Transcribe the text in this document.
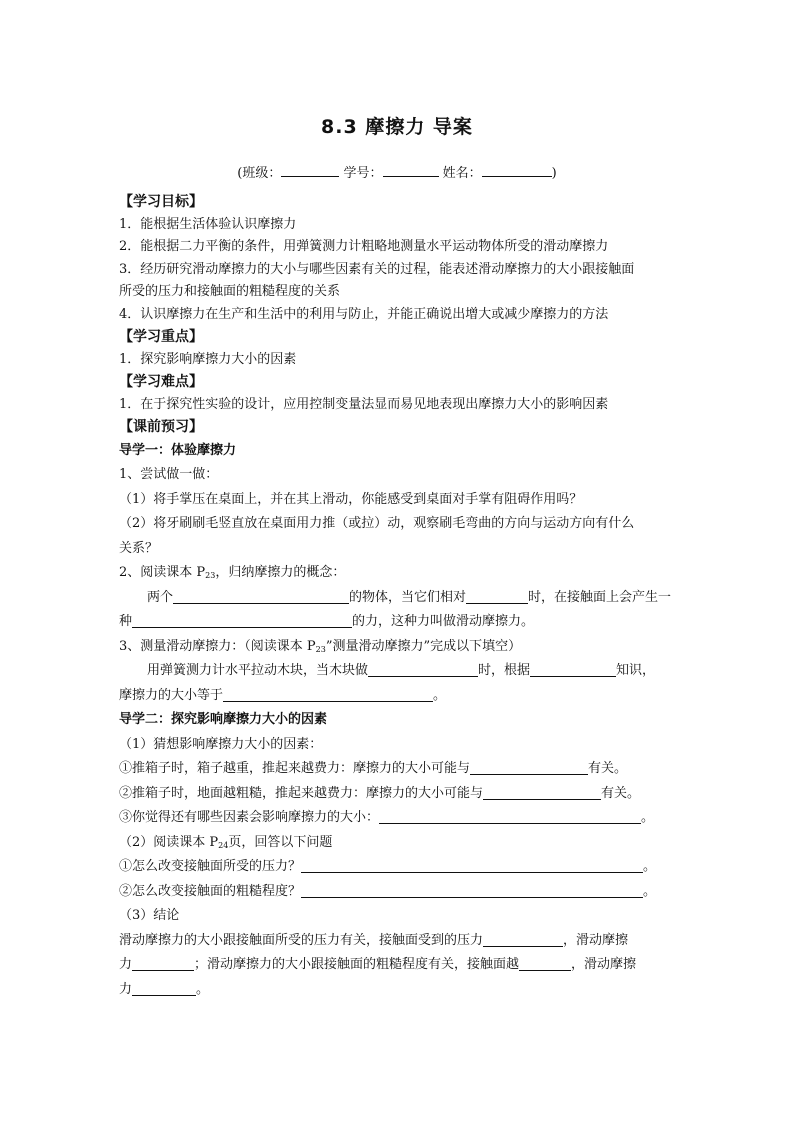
8.3 摩擦力 导案
(班级：	学号：	姓名：	)
【学习目标】
1．能根据生活体验认识摩擦力
2．能根据二力平衡的条件，用弹簧测力计粗略地测量水平运动物体所受的滑动摩擦力
3．经历研究滑动摩擦力的大小与哪些因素有关的过程，能表述滑动摩擦力的大小跟接触面
所受的压力和接触面的粗糙程度的关系
4．认识摩擦力在生产和生活中的利用与防止，并能正确说出增大或减少摩擦力的方法
【学习重点】
1．探究影响摩擦力大小的因素
【学习难点】
1．在于探究性实验的设计，应用控制变量法显而易见地表现出摩擦力大小的影响因素
【课前预习】
导学一：体验摩擦力
1、尝试做一做：
（1）将手掌压在桌面上，并在其上滑动，你能感受到桌面对手掌有阻碍作用吗？
（2）将牙刷刷毛竖直放在桌面用力推（或拉）动，观察刷毛弯曲的方向与运动方向有什么
关系？
2、阅读课本 $P_{23}$，归纳摩擦力的概念：
两个	的物体，当它们相对	时，在接触面上会产生一
种	的力，这种力叫做滑动摩擦力。
3、测量滑动摩擦力：（阅读课本 $P_{23}$”测量滑动摩擦力”完成以下填空）
用弹簧测力计水平拉动木块，当木块做	时，根据	知识，
摩擦力的大小等于	。
导学二：探究影响摩擦力大小的因素
（1）猜想影响摩擦力大小的因素：
①推箱子时，箱子越重，推起来越费力：摩擦力的大小可能与	有关。
②推箱子时，地面越粗糙，推起来越费力：摩擦力的大小可能与	有关。
③你觉得还有哪些因素会影响摩擦力的大小：	。
（2）阅读课本 $P_{24}$页，回答以下问题
①怎么改变接触面所受的压力？	。
②怎么改变接触面的粗糙程度？	。
（3）结论
滑动摩擦力的大小跟接触面所受的压力有关，接触面受到的压力	，滑动摩擦
力	；滑动摩擦力的大小跟接触面的粗糙程度有关，接触面越	，滑动摩擦
力	。
